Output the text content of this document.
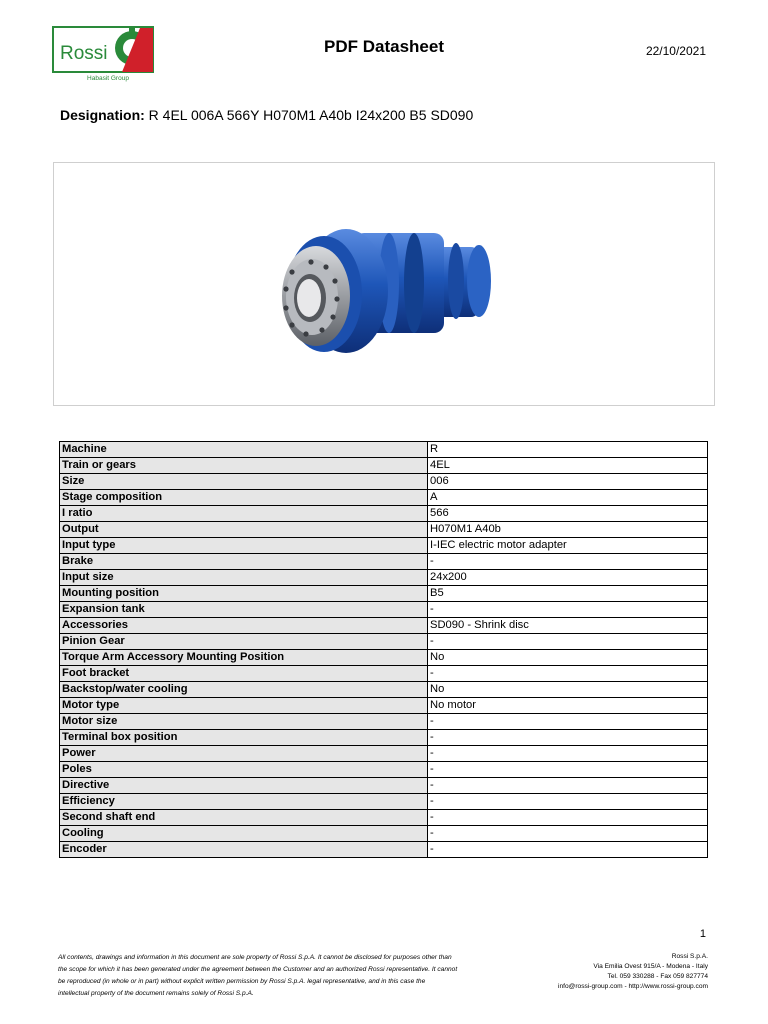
Rossi
Habasit Group
PDF Datasheet	22/10/2021
Designation: R 4EL 006A 566Y H070M1 A40b I24x200 B5 SD090
Machine	R
Train or gears	4EL
Size	006
Stage composition	A
I ratio	566
Output	H070M1 A40b
Input type	I-IEC electric motor adapter
Brake	-
Input size	24x200
Mounting position	B5
Expansion tank	-
Accessories	SD090 - Shrink disc
Pinion Gear	-
Torque Arm Accessory Mounting Position	No
Foot bracket	-
Backstop/water cooling	No
Motor type	No motor
Motor size	-
Terminal box position	-
Power	-
Poles	-
Directive	-
Efficiency	-
Second shaft end	-
Cooling	-
Encoder	-
1
All contents, drawings and information in this document are sole property of Rossi S.p.A. It cannot be disclosed for purposes other than
the scope for which it has been generated under the agreement between the Customer and an authorized Rossi representative. It cannot
be reproduced (in whole or in part) without explicit written permission by Rossi S.p.A. legal representative, and in this case the
intellectual property of the document remains solely of Rossi S.p.A.
Rossi S.p.A.
Via Emilia Ovest 915/A - Modena - Italy
Tel. 059 330288 - Fax 059 827774
info@rossi-group.com - http://www.rossi-group.com
